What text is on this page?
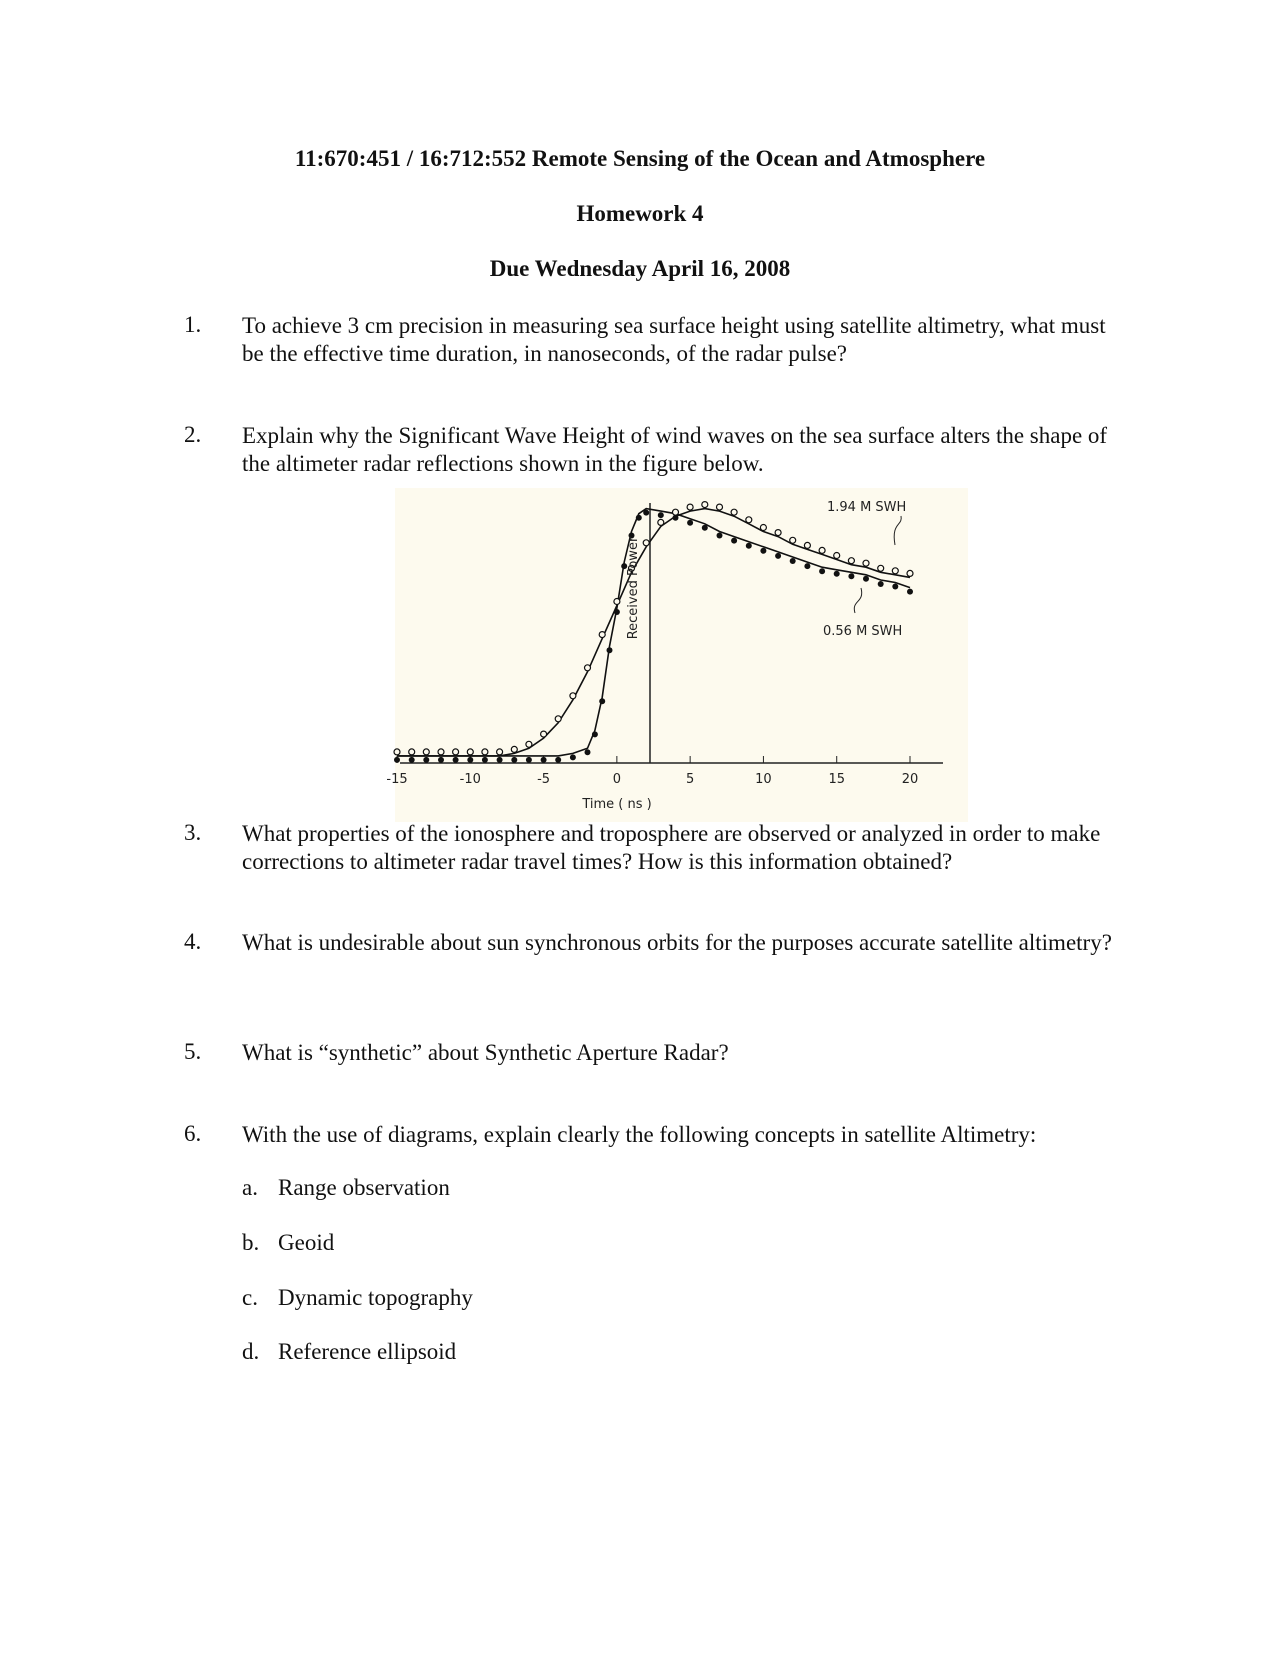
11:670:451 / 16:712:552 Remote Sensing of the Ocean and Atmosphere
Homework 4
Due Wednesday April 16, 2008
1. To achieve 3 cm precision in measuring sea surface height using satellite altimetry, what must be the effective time duration, in nanoseconds, of the radar pulse?
2. Explain why the Significant Wave Height of wind waves on the sea surface alters the shape of the altimeter radar reflections shown in the figure below.
-15	-10	-5	0	5	10	15	20
Received Power
Time ( ns )
1.94 M SWH
0.56 M SWH
3. What properties of the ionosphere and troposphere are observed or analyzed in order to make corrections to altimeter radar travel times? How is this information obtained?
4. What is undesirable about sun synchronous orbits for the purposes accurate satellite altimetry?
5. What is “synthetic” about Synthetic Aperture Radar?
6. With the use of diagrams, explain clearly the following concepts in satellite Altimetry:
a. Range observation
b. Geoid
c. Dynamic topography
d. Reference ellipsoid
